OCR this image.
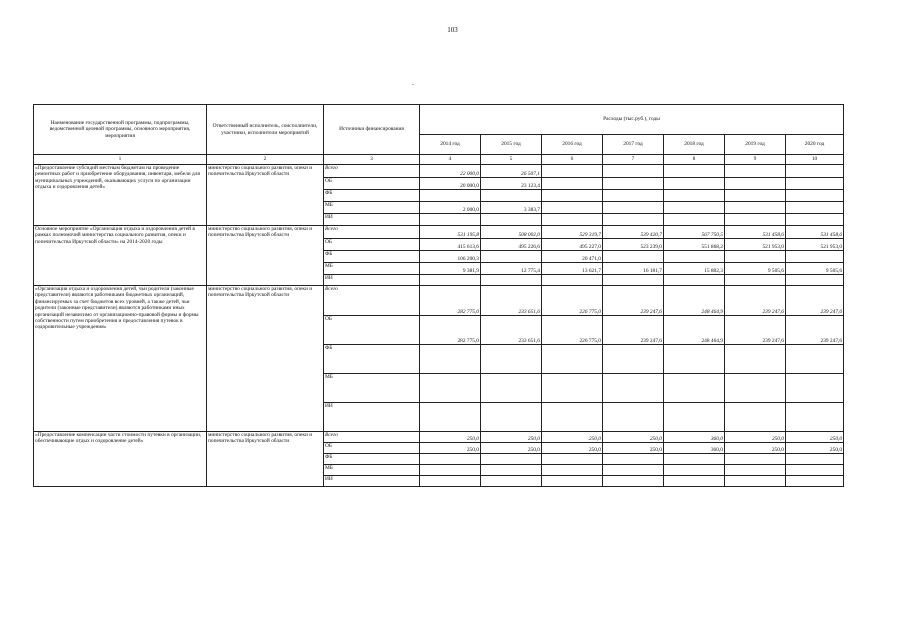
103
Наименование государственной программы, подпрограммы, ведомственной целевой программы, основного мероприятия, мероприятия	Ответственный исполнитель, соисполнители, участники, исполнители мероприятий	Источники финансирования	Расходы (тыс.руб.), годы						
			2014 год	2015 год	2016 год	2017 год	2018 год	2019 год	2020 год
1	2	3	4	5	6	7	8	9	10
«Предоставление субсидий местным бюджетам на проведение ремонтных работ и приобретение оборудования, инвентаря, мебели для муниципальных учреждений, оказывающих услуги по организации отдыха и оздоровления детей»	министерство социального развития, опеки и попечительства Иркутской области	Всего	22 000,0	26 507,1					
		ОБ	20 000,0	23 123,4					
		ФБ							
		МБ	2 000,0	3 383,7					
		ИИ							
Основное мероприятие «Организация отдыха и оздоровления детей в рамках полномочий министерства социального развития, опеки и попечительства Иркутской области» на 2014-2020 годы	министерство социального развития, опеки и попечительства Иркутской области	Всего	531 195,8	508 002,0	529 319,7	539 420,7	567 750,5	531 458,6	531 458,6
		ОБ	415 613,6	495 226,6	495 227,0	523 239,0	551 868,2	521 953,0	521 953,0
		ФБ	106 200,3		20 471,0				
		МБ	9 381,9	12 775,4	13 621,7	16 181,7	15 882,3	9 505,6	9 505,6
		ИИ							
«Организация отдыха и оздоровления детей, чьи родители (законные представители) являются работниками бюджетных организаций, финансируемых за счет бюджетов всех уровней, а также детей, чьи родители (законные представители) являются работниками иных организаций независимо от организационно-правовой формы и формы собственности путем приобретения и предоставления путевок в оздоровительные учреждения»	министерство социального развития, опеки и попечительства Иркутской области	Всего	282 775,0	233 651,6	226 775,0	239 247,6	248 464,9	239 247,6	239 247,6
		ОБ	282 775,0	233 651,6	226 775,0	239 247,6	248 464,9	239 247,6	239 247,6
		ФБ							
		МБ							
		ИИ							
«Предоставление компенсации части стоимости путевки в организации, обеспечивающие отдых и оздоровление детей»	министерство социального развития, опеки и попечительства Иркутской области	Всего	250,0	250,0	250,0	250,0	360,0	250,0	250,0
		ОБ	250,0	250,0	250,0	250,0	360,0	250,0	250,0
		ФБ							
		МБ							
		ИИ							
